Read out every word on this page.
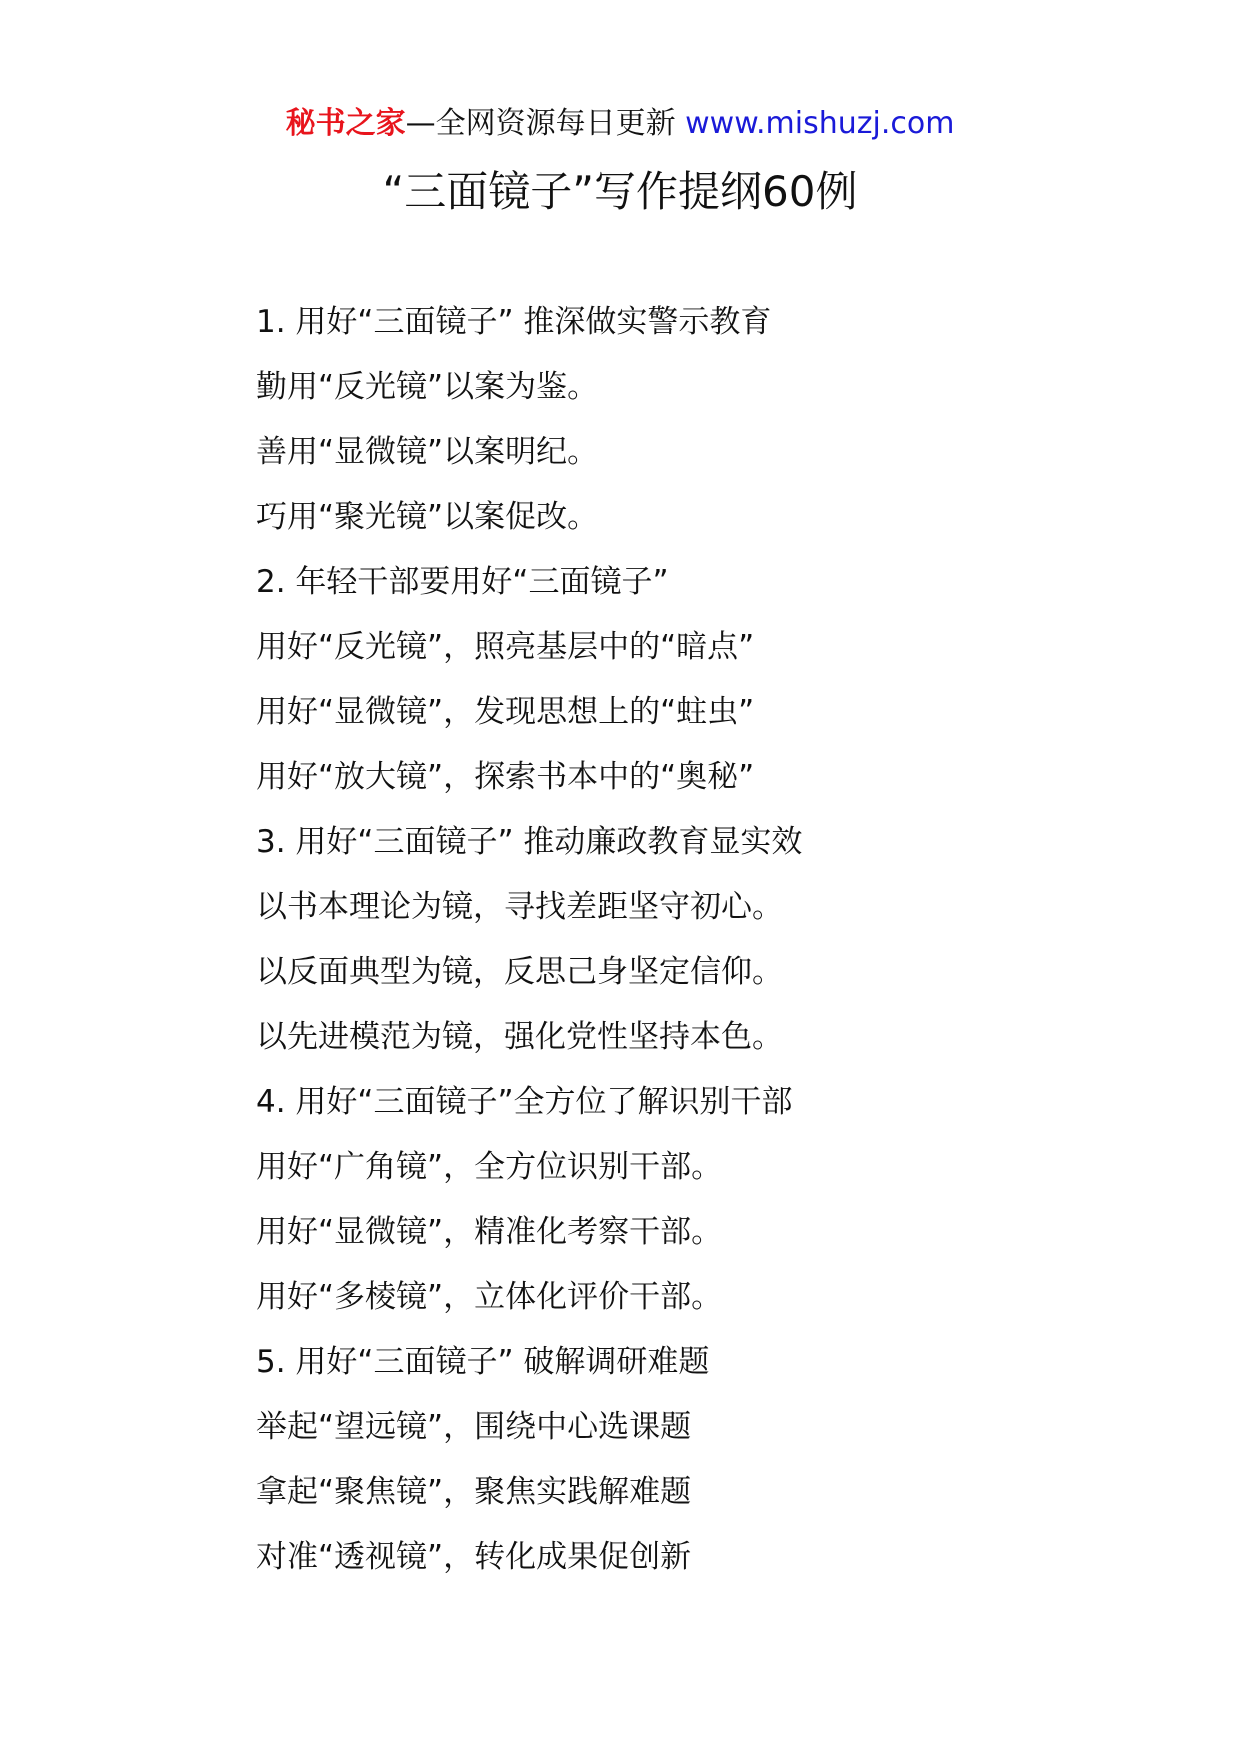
秘书之家—全网资源每日更新 www.mishuzj.com
“三面镜子”写作提纲60例
1. 用好“三面镜子” 推深做实警示教育
勤用“反光镜”以案为鉴。
善用“显微镜”以案明纪。
巧用“聚光镜”以案促改。
2. 年轻干部要用好“三面镜子”
用好“反光镜”，照亮基层中的“暗点”
用好“显微镜”，发现思想上的“蛀虫”
用好“放大镜”，探索书本中的“奥秘”
3. 用好“三面镜子” 推动廉政教育显实效
以书本理论为镜，寻找差距坚守初心。
以反面典型为镜，反思己身坚定信仰。
以先进模范为镜，强化党性坚持本色。
4. 用好“三面镜子”全方位了解识别干部
用好“广角镜”，全方位识别干部。
用好“显微镜”，精准化考察干部。
用好“多棱镜”，立体化评价干部。
5. 用好“三面镜子” 破解调研难题
举起“望远镜”，围绕中心选课题
拿起“聚焦镜”，聚焦实践解难题
对准“透视镜”，转化成果促创新
